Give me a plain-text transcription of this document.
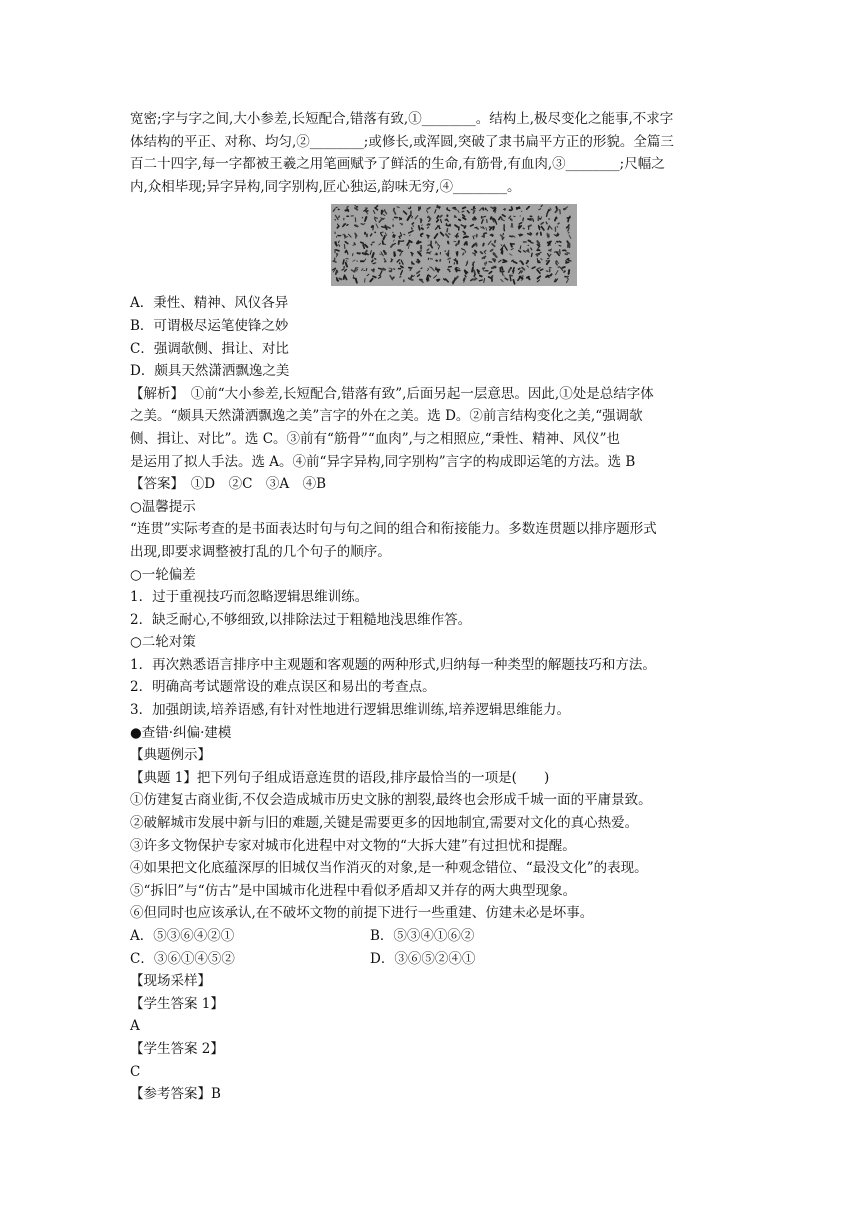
宽密;字与字之间,大小参差,长短配合,错落有致,①________。结构上,极尽变化之能事,不求字
体结构的平正、对称、均匀,②________;或修长,或浑圆,突破了隶书扁平方正的形貌。全篇三
百二十四字,每一字都被王羲之用笔画赋予了鲜活的生命,有筋骨,有血肉,③________;尺幅之
内,众相毕现;异字异构,同字别构,匠心独运,韵味无穷,④________。
A．秉性、精神、风仪各异
B．可谓极尽运笔使锋之妙
C．强调欹侧、揖让、对比
D．颇具天然潇洒飘逸之美
【解析】　①前“大小参差,长短配合,错落有致”,后面另起一层意思。因此,①处是总结字体
之美。“颇具天然潇洒飘逸之美”言字的外在之美。选 D。②前言结构变化之美,“强调欹
侧、揖让、对比”。选 C。③前有“筋骨”“血肉”,与之相照应,“秉性、精神、风仪”也
是运用了拟人手法。选 A。④前“异字异构,同字别构”言字的构成即运笔的方法。选 B
【答案】　①D　②C　③A　④B
○温馨提示
“连贯”实际考查的是书面表达时句与句之间的组合和衔接能力。多数连贯题以排序题形式
出现,即要求调整被打乱的几个句子的顺序。
○一轮偏差
1．过于重视技巧而忽略逻辑思维训练。
2．缺乏耐心,不够细致,以排除法过于粗糙地浅思维作答。
○二轮对策
1．再次熟悉语言排序中主观题和客观题的两种形式,归纳每一种类型的解题技巧和方法。
2．明确高考试题常设的难点误区和易出的考查点。
3．加强朗读,培养语感,有针对性地进行逻辑思维训练,培养逻辑思维能力。
●查错·纠偏·建模
【典题例示】
【典题 1】把下列句子组成语意连贯的语段,排序最恰当的一项是(　　)
①仿建复古商业街,不仅会造成城市历史文脉的割裂,最终也会形成千城一面的平庸景致。
②破解城市发展中新与旧的难题,关键是需要更多的因地制宜,需要对文化的真心热爱。
③许多文物保护专家对城市化进程中对文物的“大拆大建”有过担忧和提醒。
④如果把文化底蕴深厚的旧城仅当作消灭的对象,是一种观念错位、“最没文化”的表现。
⑤“拆旧”与“仿古”是中国城市化进程中看似矛盾却又并存的两大典型现象。
⑥但同时也应该承认,在不破坏文物的前提下进行一些重建、仿建未必是坏事。
A．⑤③⑥④②①	B．⑤③④①⑥②
C．③⑥①④⑤②	D．③⑥⑤②④①
【现场采样】
【学生答案 1】
A
【学生答案 2】
C
【参考答案】B
